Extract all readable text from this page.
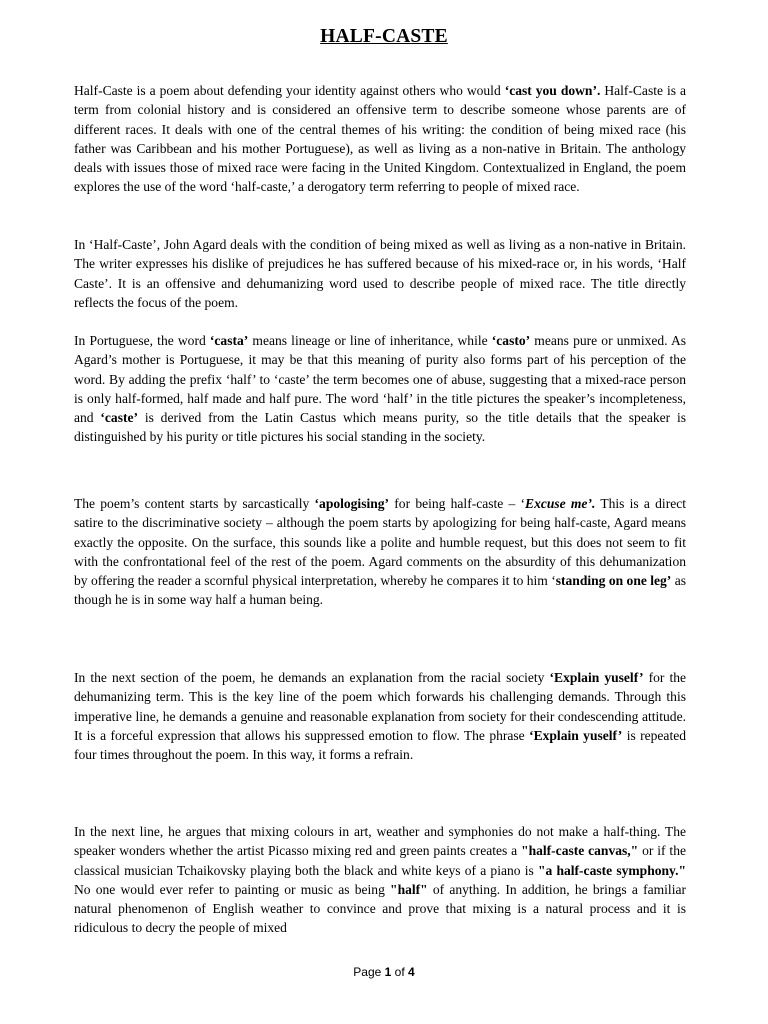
HALF-CASTE

Half-Caste is a poem about defending your identity against others who would ‘cast you down’. Half-Caste is a term from colonial history and is considered an offensive term to describe someone whose parents are of different races. It deals with one of the central themes of his writing: the condition of being mixed race (his father was Caribbean and his mother Portuguese), as well as living as a non-native in Britain. The anthology deals with issues those of mixed race were facing in the United Kingdom. Contextualized in England, the poem explores the use of the word ‘half-caste,’ a derogatory term referring to people of mixed race.

In ‘Half-Caste’, John Agard deals with the condition of being mixed as well as living as a non-native in Britain. The writer expresses his dislike of prejudices he has suffered because of his mixed-race or, in his words, ‘Half Caste’. It is an offensive and dehumanizing word used to describe people of mixed race. The title directly reflects the focus of the poem.

In Portuguese, the word ‘casta’ means lineage or line of inheritance, while ‘casto’ means pure or unmixed. As Agard’s mother is Portuguese, it may be that this meaning of purity also forms part of his perception of the word. By adding the prefix ‘half’ to ‘caste’ the term becomes one of abuse, suggesting that a mixed-race person is only half-formed, half made and half pure. The word ‘half’ in the title pictures the speaker’s incompleteness, and ‘caste’ is derived from the Latin Castus which means purity, so the title details that the speaker is distinguished by his purity or title pictures his social standing in the society.

The poem’s content starts by sarcastically ‘apologising’ for being half-caste – ‘Excuse me’. This is a direct satire to the discriminative society – although the poem starts by apologizing for being half-caste, Agard means exactly the opposite. On the surface, this sounds like a polite and humble request, but this does not seem to fit with the confrontational feel of the rest of the poem. Agard comments on the absurdity of this dehumanization by offering the reader a scornful physical interpretation, whereby he compares it to him ‘standing on one leg’ as though he is in some way half a human being.

In the next section of the poem, he demands an explanation from the racial society ‘Explain yuself’ for the dehumanizing term. This is the key line of the poem which forwards his challenging demands. Through this imperative line, he demands a genuine and reasonable explanation from society for their condescending attitude. It is a forceful expression that allows his suppressed emotion to flow. The phrase ‘Explain yuself’ is repeated four times throughout the poem. In this way, it forms a refrain.

In the next line, he argues that mixing colours in art, weather and symphonies do not make a half-thing. The speaker wonders whether the artist Picasso mixing red and green paints creates a "half-caste canvas," or if the classical musician Tchaikovsky playing both the black and white keys of a piano is "a half-caste symphony." No one would ever refer to painting or music as being "half" of anything. In addition, he brings a familiar natural phenomenon of English weather to convince and prove that mixing is a natural process and it is ridiculous to decry the people of mixed

Page 1 of 4
